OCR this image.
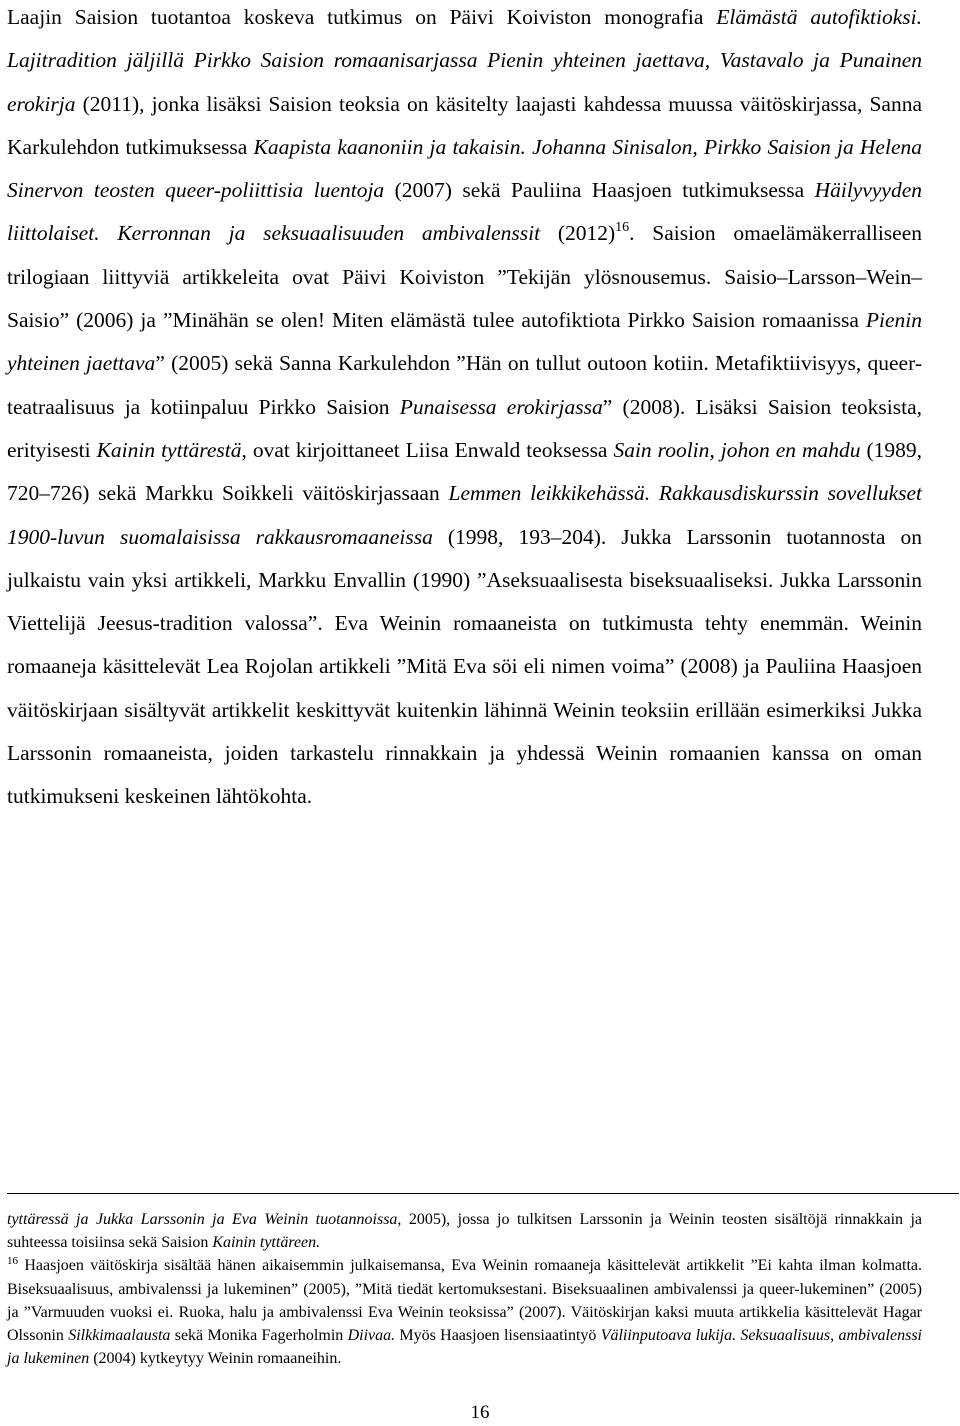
Laajin Saision tuotantoa koskeva tutkimus on Päivi Koiviston monografia Elämästä autofiktioksi. Lajitradition jäljillä Pirkko Saision romaanisarjassa Pienin yhteinen jaettava, Vastavalo ja Punainen erokirja (2011), jonka lisäksi Saision teoksia on käsitelty laajasti kahdessa muussa väitöskirjassa, Sanna Karkulehdon tutkimuksessa Kaapista kaanoniin ja takaisin. Johanna Sinisalon, Pirkko Saision ja Helena Sinervon teosten queer-poliittisia luentoja (2007) sekä Pauliina Haasjoen tutkimuksessa Häilyvyyden liittolaiset. Kerronnan ja seksuaalisuuden ambivalenssit $(2012)^{16}$. Saision omaelämäkerralliseen trilogiaan liittyviä artikkeleita ovat Päivi Koiviston ”Tekijän ylösnousemus. Saisio–Larsson–Wein–Saisio” (2006) ja ”Minähän se olen! Miten elämästä tulee autofiktiota Pirkko Saision romaanissa Pienin yhteinen jaettava” (2005) sekä Sanna Karkulehdon ”Hän on tullut outoon kotiin. Metafiktiivisyys, queer-teatraalisuus ja kotiinpaluu Pirkko Saision Punaisessa erokirjassa” (2008). Lisäksi Saision teoksista, erityisesti Kainin tyttärestä, ovat kirjoittaneet Liisa Enwald teoksessa Sain roolin, johon en mahdu (1989, 720–726) sekä Markku Soikkeli väitöskirjassaan Lemmen leikkikehässä. Rakkausdiskurssin sovellukset 1900-luvun suomalaisissa rakkausromaaneissa (1998, 193–204). Jukka Larssonin tuotannosta on julkaistu vain yksi artikkeli, Markku Envallin (1990) ”Aseksuaalisesta biseksuaaliseksi. Jukka Larssonin Viettelijä Jeesus-tradition valossa”. Eva Weinin romaaneista on tutkimusta tehty enemmän. Weinin romaaneja käsittelevät Lea Rojolan artikkeli ”Mitä Eva söi eli nimen voima” (2008) ja Pauliina Haasjoen väitöskirjaan sisältyvät artikkelit keskittyvät kuitenkin lähinnä Weinin teoksiin erillään esimerkiksi Jukka Larssonin romaaneista, joiden tarkastelu rinnakkain ja yhdessä Weinin romaanien kanssa on oman tutkimukseni keskeinen lähtökohta.

tyttäressä ja Jukka Larssonin ja Eva Weinin tuotannoissa, 2005), jossa jo tulkitsen Larssonin ja Weinin teosten sisältöjä rinnakkain ja suhteessa toisiinsa sekä Saision Kainin tyttäreen.

$^{16}$ Haasjoen väitöskirja sisältää hänen aikaisemmin julkaisemansa, Eva Weinin romaaneja käsittelevät artikkelit ”Ei kahta ilman kolmatta. Biseksuaalisuus, ambivalenssi ja lukeminen” (2005), ”Mitä tiedät kertomuksestani. Biseksuaalinen ambivalenssi ja queer-lukeminen” (2005) ja ”Varmuuden vuoksi ei. Ruoka, halu ja ambivalenssi Eva Weinin teoksissa” (2007). Väitöskirjan kaksi muuta artikkelia käsittelevät Hagar Olssonin Silkkimaalausta sekä Monika Fagerholmin Diivaa. Myös Haasjoen lisensiaatintyö Väliinputoava lukija. Seksuaalisuus, ambivalenssi ja lukeminen (2004) kytkeytyy Weinin romaaneihin.

16
